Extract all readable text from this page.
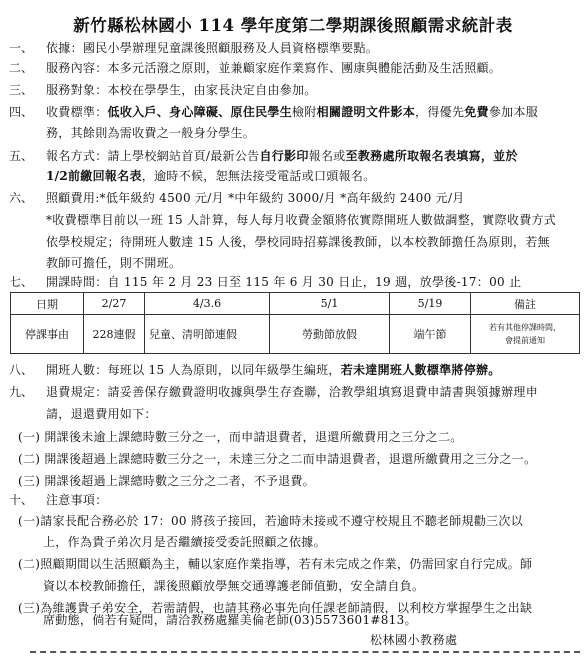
新竹縣松林國小 114 學年度第二學期課後照顧需求統計表
一、 依據：國民小學辦理兒童課後照顧服務及人員資格標準要點。
二、 服務內容：本多元活潑之原則，並兼顧家庭作業寫作、團康與體能活動及生活照顧。
三、 服務對象：本校在學學生，由家長決定自由參加。
四、 收費標準：低收入戶、身心障礙、原住民學生檢附相關證明文件影本，得優先免費參加本服
務，其餘則為需收費之一般身分學生。
五、 報名方式：請上學校網站首頁/最新公告自行影印報名或至教務處所取報名表填寫，並於
1/2前繳回報名表，逾時不候，恕無法接受電話或口頭報名。
六、 照顧費用:*低年級約 4500 元/月 *中年級約 3000/月 *高年級約 2400 元/月
*收費標準目前以一班 15 人計算，每人每月收費金額將依實際開班人數做調整，實際收費方式
依學校規定；待開班人數達 15 人後，學校同時招募課後教師，以本校教師擔任為原則，若無
教師可擔任，則不開班。
七、 開課時間：自 115 年 2 月 23 日至 115 年 6 月 30 日止，19 週，放學後-17：00 止
日期	2/27	4/3.6	5/1	5/19	備註
停課事由	228連假	兒童、清明節連假	勞動節放假	端午節	若有其他停課時間，
會提前通知
八、 開班人數：每班以 15 人為原則，以同年級學生編班，若未達開班人數標準將停辦。
九、 退費規定：請妥善保存繳費證明收據與學生存查聯，洽教學組填寫退費申請書與領據辦理申
請，退還費用如下：
(一) 開課後未逾上課總時數三分之一，而申請退費者，退還所繳費用之三分之二。
(二) 開課後超過上課總時數三分之一，未達三分之二而申請退費者，退還所繳費用之三分之一。
(三) 開課後超過上課總時數之三分之二者，不予退費。
十、 注意事項：
(一)請家長配合務必於 17：00 將孩子接回，若逾時未接或不遵守校規且不聽老師規勸三次以
上，作為貴子弟次月是否繼續接受委託照顧之依據。
(二)照顧期間以生活照顧為主，輔以家庭作業指導，若有未完成之作業，仍需回家自行完成。師
資以本校教師擔任，課後照顧放學無交通導護老師值勤，安全請自負。
(三)為維護貴子弟安全，若需請假，也請其務必事先向任課老師請假，以利校方掌握學生之出缺
席動態，倘若有疑問，請洽教務處羅美倫老師(03)5573601#813。
松林國小教務處
